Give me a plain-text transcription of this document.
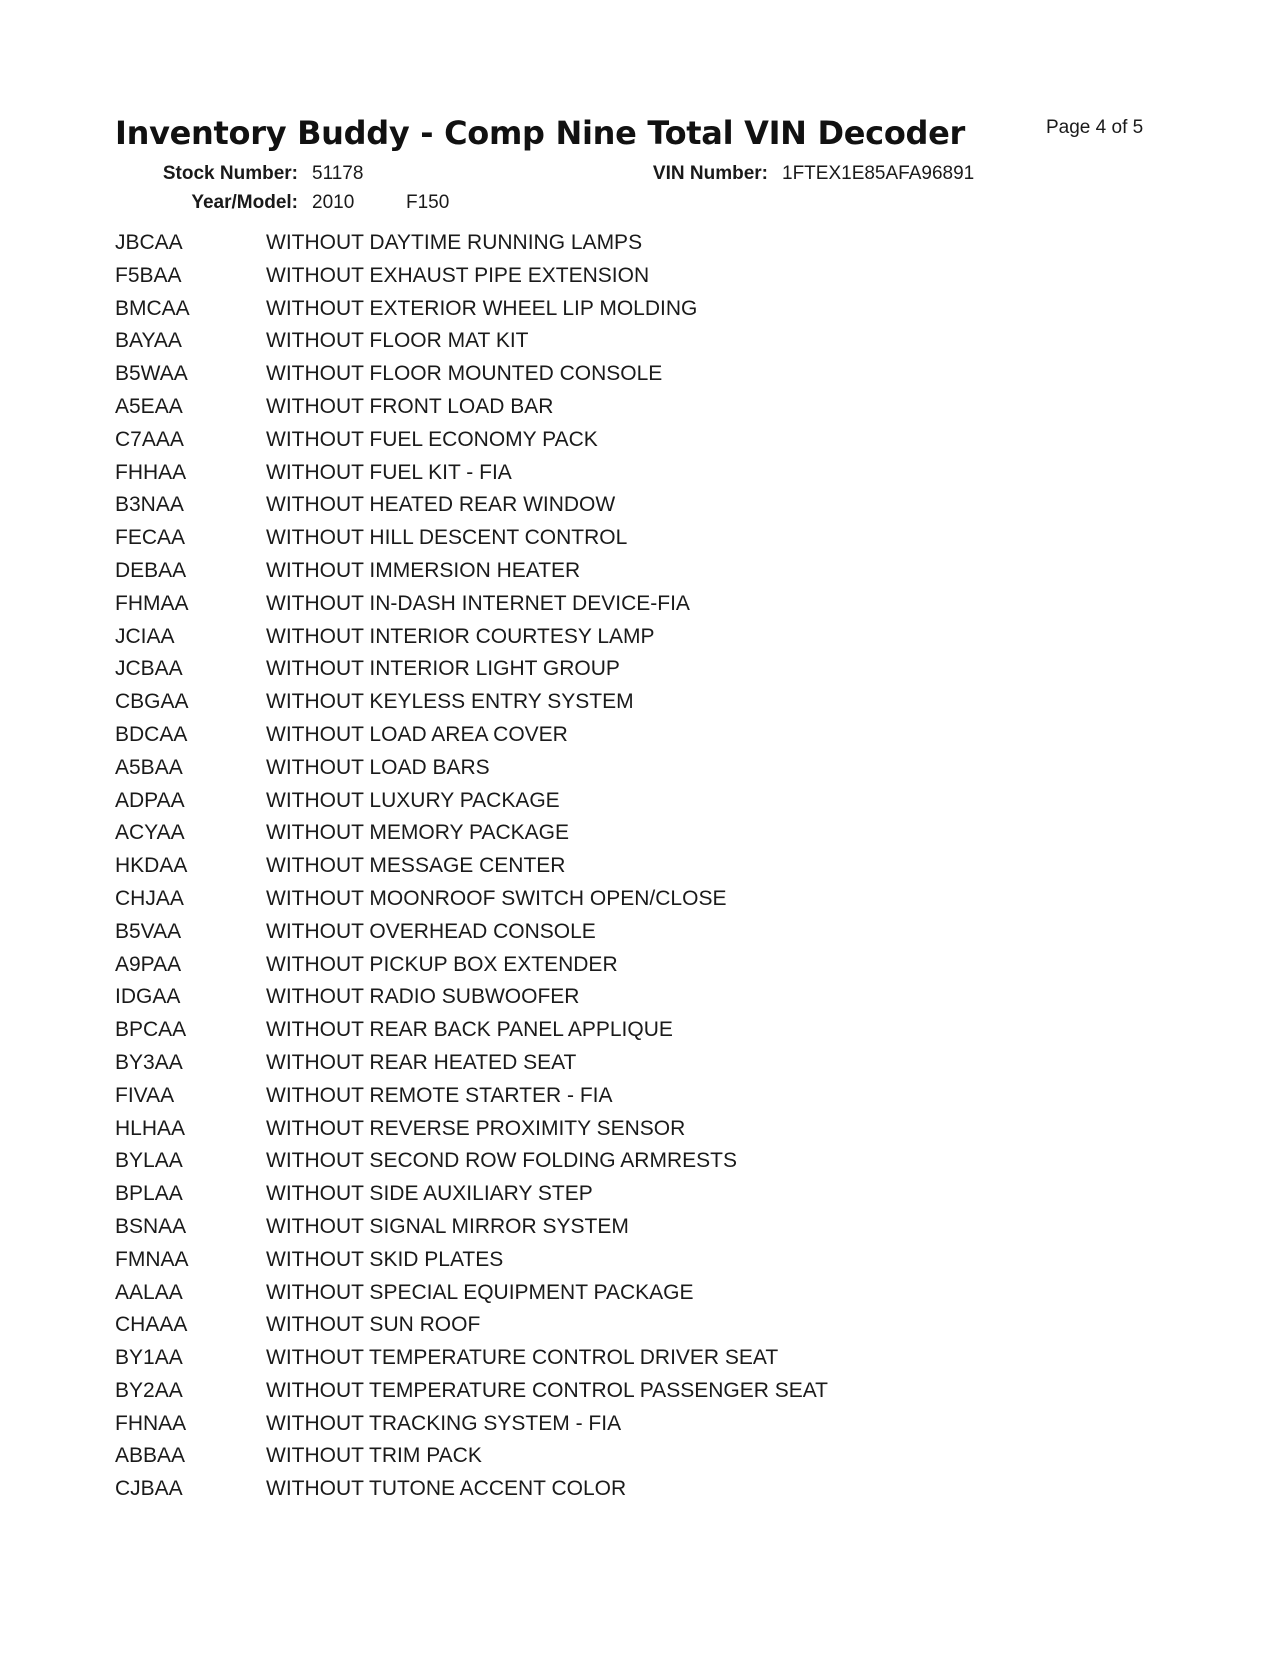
Inventory Buddy - Comp Nine Total VIN Decoder	Page 4 of 5
Stock Number: 51178	VIN Number: 1FTEX1E85AFA96891
Year/Model: 2010	F150
JBCAA	WITHOUT DAYTIME RUNNING LAMPS
F5BAA	WITHOUT EXHAUST PIPE EXTENSION
BMCAA	WITHOUT EXTERIOR WHEEL LIP MOLDING
BAYAA	WITHOUT FLOOR MAT KIT
B5WAA	WITHOUT FLOOR MOUNTED CONSOLE
A5EAA	WITHOUT FRONT LOAD BAR
C7AAA	WITHOUT FUEL ECONOMY PACK
FHHAA	WITHOUT FUEL KIT - FIA
B3NAA	WITHOUT HEATED REAR WINDOW
FECAA	WITHOUT HILL DESCENT CONTROL
DEBAA	WITHOUT IMMERSION HEATER
FHMAA	WITHOUT IN-DASH INTERNET DEVICE-FIA
JCIAA	WITHOUT INTERIOR COURTESY LAMP
JCBAA	WITHOUT INTERIOR LIGHT GROUP
CBGAA	WITHOUT KEYLESS ENTRY SYSTEM
BDCAA	WITHOUT LOAD AREA COVER
A5BAA	WITHOUT LOAD BARS
ADPAA	WITHOUT LUXURY PACKAGE
ACYAA	WITHOUT MEMORY PACKAGE
HKDAA	WITHOUT MESSAGE CENTER
CHJAA	WITHOUT MOONROOF SWITCH OPEN/CLOSE
B5VAA	WITHOUT OVERHEAD CONSOLE
A9PAA	WITHOUT PICKUP BOX EXTENDER
IDGAA	WITHOUT RADIO SUBWOOFER
BPCAA	WITHOUT REAR BACK PANEL APPLIQUE
BY3AA	WITHOUT REAR HEATED SEAT
FIVAA	WITHOUT REMOTE STARTER - FIA
HLHAA	WITHOUT REVERSE PROXIMITY SENSOR
BYLAA	WITHOUT SECOND ROW FOLDING ARMRESTS
BPLAA	WITHOUT SIDE AUXILIARY STEP
BSNAA	WITHOUT SIGNAL MIRROR SYSTEM
FMNAA	WITHOUT SKID PLATES
AALAA	WITHOUT SPECIAL EQUIPMENT PACKAGE
CHAAA	WITHOUT SUN ROOF
BY1AA	WITHOUT TEMPERATURE CONTROL DRIVER SEAT
BY2AA	WITHOUT TEMPERATURE CONTROL PASSENGER SEAT
FHNAA	WITHOUT TRACKING SYSTEM - FIA
ABBAA	WITHOUT TRIM PACK
CJBAA	WITHOUT TUTONE ACCENT COLOR
